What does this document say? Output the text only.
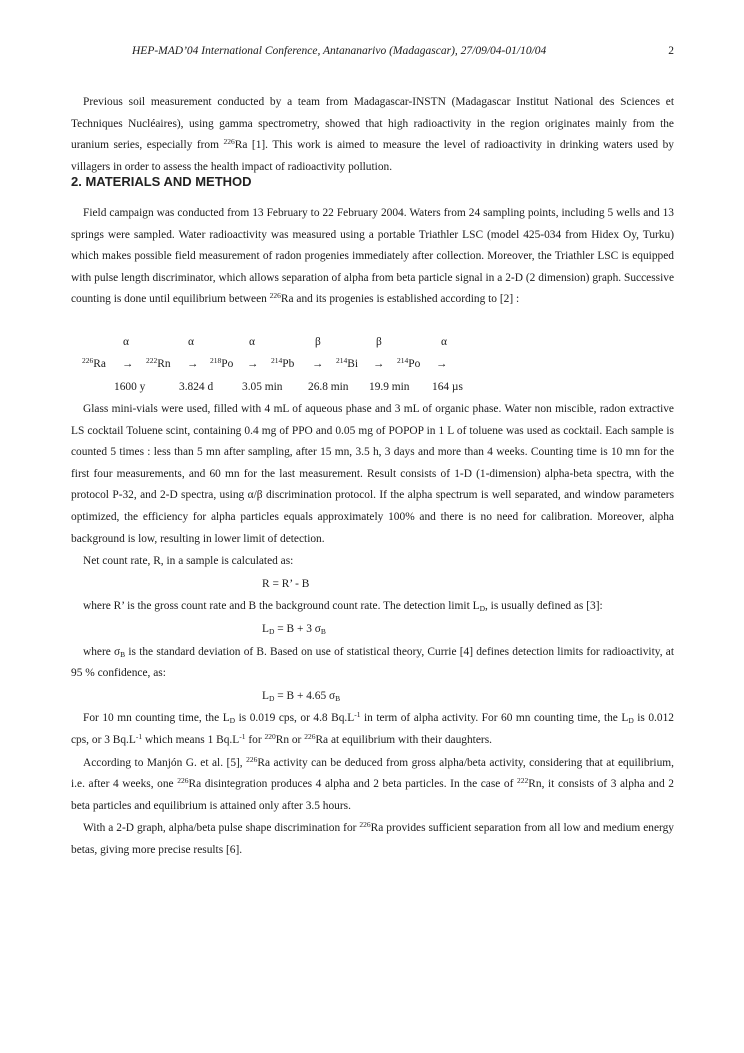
HEP-MAD’04 International Conference, Antananarivo (Madagascar), 27/09/04-01/10/04	2

Previous soil measurement conducted by a team from Madagascar-INSTN (Madagascar Institut National des Sciences et Techniques Nucléaires), using gamma spectrometry, showed that high radioactivity in the region originates mainly from the uranium series, especially from $^{226}$Ra [1]. This work is aimed to measure the level of radioactivity in drinking waters used by villagers in order to assess the health impact of radioactivity pollution.

2. MATERIALS AND METHOD

Field campaign was conducted from 13 February to 22 February 2004. Waters from 24 sampling points, including 5 wells and 13 springs were sampled. Water radioactivity was measured using a portable Triathler LSC (model 425-034 from Hidex Oy, Turku) which makes possible field measurement of radon progenies immediately after collection. Moreover, the Triathler LSC is equipped with pulse length discriminator, which allows separation of alpha from beta particle signal in a 2-D (2 dimension) graph. Successive counting is done until equilibrium between $^{226}$Ra and its progenies is established according to [2] :

α	α	α	β	β	α
$^{226}$Ra → $^{222}$Rn → $^{218}$Po → $^{214}$Pb → $^{214}$Bi → $^{214}$Po →
1600 y	3.824 d	3.05 min 26.8 min 19.9 min 164 µs

Glass mini-vials were used, filled with 4 mL of aqueous phase and 3 mL of organic phase. Water non miscible, radon extractive LS cocktail Toluene scint, containing 0.4 mg of PPO and 0.05 mg of POPOP in 1 L of toluene was used as cocktail. Each sample is counted 5 times : less than 5 mn after sampling, after 15 mn, 3.5 h, 3 days and more than 4 weeks. Counting time is 10 mn for the first four measurements, and 60 mn for the last measurement. Result consists of 1-D (1-dimension) alpha-beta spectra, with the protocol P-32, and 2-D spectra, using α/β discrimination protocol. If the alpha spectrum is well separated, and window parameters optimized, the efficiency for alpha particles equals approximately 100% and there is no need for calibration. Moreover, alpha background is low, resulting in lower limit of detection.

Net count rate, R, in a sample is calculated as:

R = R’ - B

where R’ is the gross count rate and B the background count rate. The detection limit $L_D$, is usually defined as [3]:

$L_D = B + 3$ $\sigma_B$

where $\sigma_B$ is the standard deviation of B. Based on use of statistical theory, Currie [4] defines detection limits for radioactivity, at 95 % confidence, as:

$L_D = B + 4.65$ $\sigma_B$

For 10 mn counting time, the $L_D$ is 0.019 cps, or 4.8 $Bq.L^{-1}$ in term of alpha activity. For 60 mn counting time, the $L_D$ is 0.012 cps, or 3 $Bq.L^{-1}$ which means 1 $Bq.L^{-1}$ for $^{220}$Rn or $^{226}$Ra at equilibrium with their daughters.

According to Manjón G. et al. [5], $^{226}$Ra activity can be deduced from gross alpha/beta activity, considering that at equilibrium, i.e. after 4 weeks, one $^{226}$Ra disintegration produces 4 alpha and 2 beta particles. In the case of $^{222}$Rn, it consists of 3 alpha and 2 beta particles and equilibrium is attained only after 3.5 hours.

With a 2-D graph, alpha/beta pulse shape discrimination for $^{226}$Ra provides sufficient separation from all low and medium energy betas, giving more precise results [6].
